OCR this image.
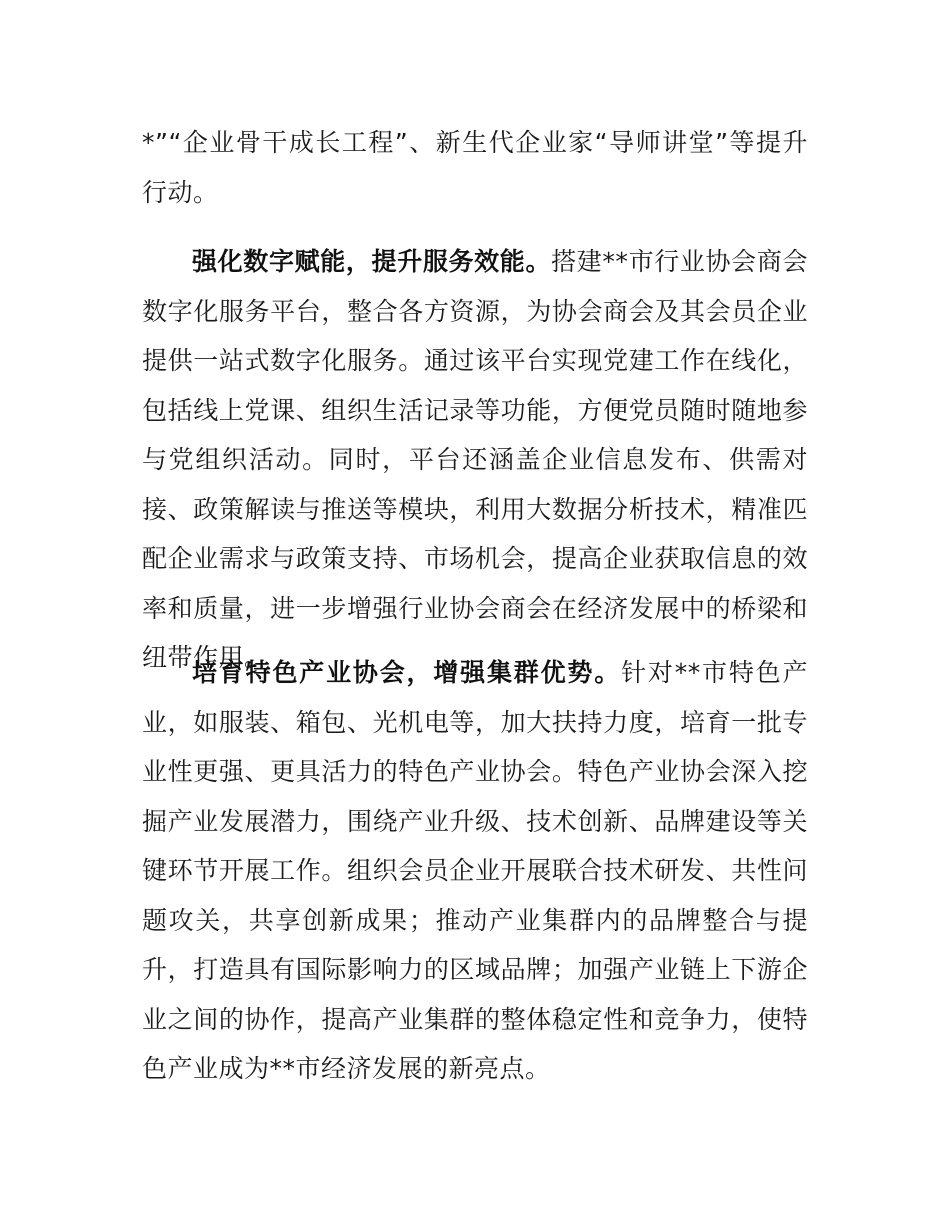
*”“企业骨干成长工程”、新生代企业家“导师讲堂”等提升行动。

强化数字赋能，提升服务效能。搭建**市行业协会商会数字化服务平台，整合各方资源，为协会商会及其会员企业提供一站式数字化服务。通过该平台实现党建工作在线化，包括线上党课、组织生活记录等功能，方便党员随时随地参与党组织活动。同时，平台还涵盖企业信息发布、供需对接、政策解读与推送等模块，利用大数据分析技术，精准匹配企业需求与政策支持、市场机会，提高企业获取信息的效率和质量，进一步增强行业协会商会在经济发展中的桥梁和纽带作用。

培育特色产业协会，增强集群优势。针对**市特色产业，如服装、箱包、光机电等，加大扶持力度，培育一批专业性更强、更具活力的特色产业协会。特色产业协会深入挖掘产业发展潜力，围绕产业升级、技术创新、品牌建设等关键环节开展工作。组织会员企业开展联合技术研发、共性问题攻关，共享创新成果；推动产业集群内的品牌整合与提升，打造具有国际影响力的区域品牌；加强产业链上下游企业之间的协作，提高产业集群的整体稳定性和竞争力，使特色产业成为**市经济发展的新亮点。
